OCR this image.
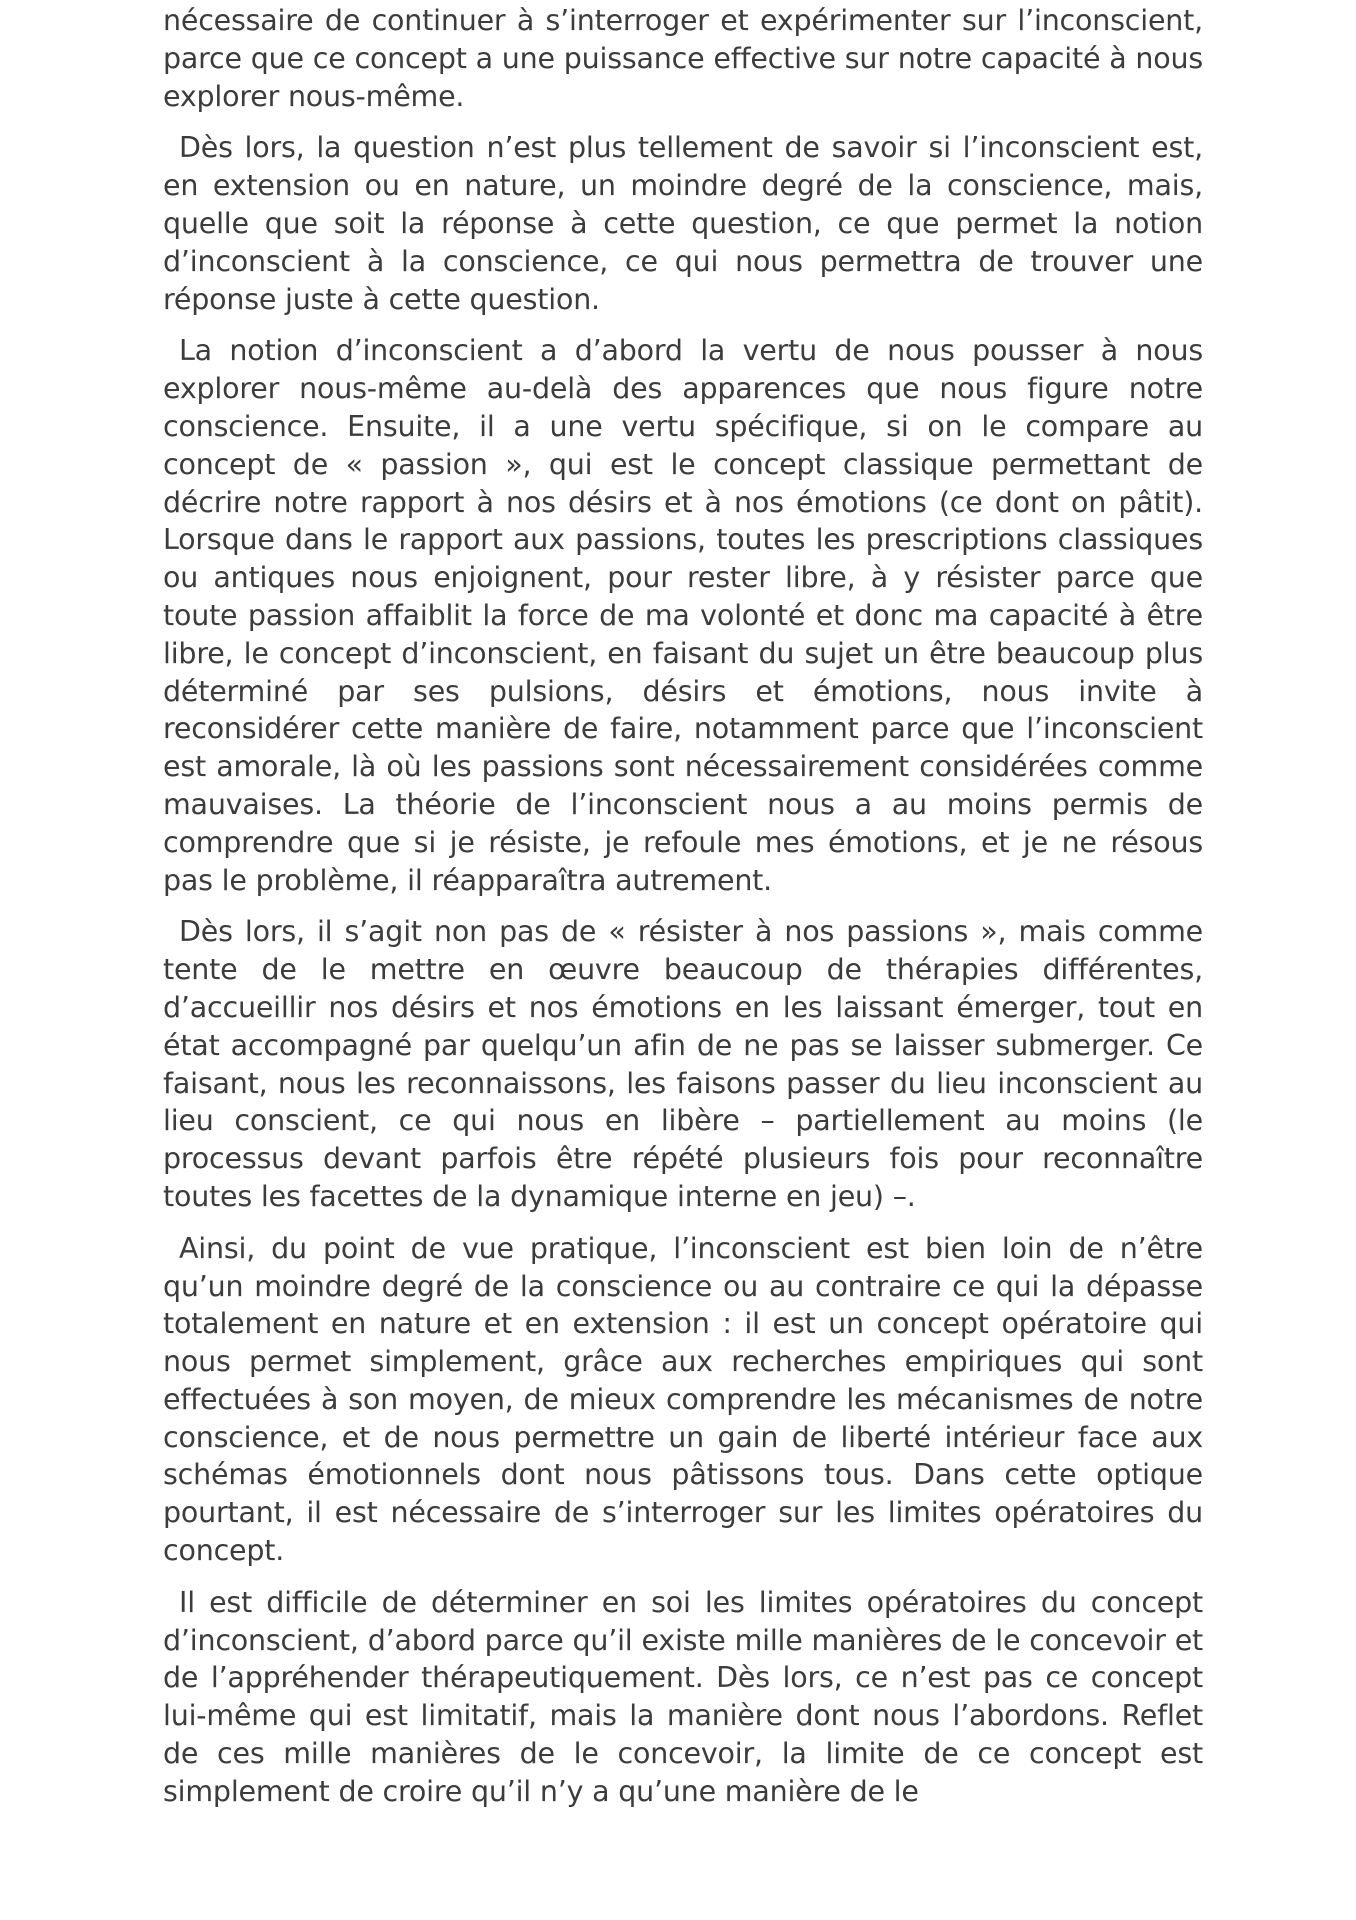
nécessaire de continuer à s’interroger et expérimenter sur l’inconscient, parce que ce concept a une puissance effective sur notre capacité à nous explorer nous-même.

Dès lors, la question n’est plus tellement de savoir si l’inconscient est, en extension ou en nature, un moindre degré de la conscience, mais, quelle que soit la réponse à cette question, ce que permet la notion d’inconscient à la conscience, ce qui nous permettra de trouver une réponse juste à cette question.

La notion d’inconscient a d’abord la vertu de nous pousser à nous explorer nous-même au-delà des apparences que nous figure notre conscience. Ensuite, il a une vertu spécifique, si on le compare au concept de « passion », qui est le concept classique permettant de décrire notre rapport à nos désirs et à nos émotions (ce dont on pâtit). Lorsque dans le rapport aux passions, toutes les prescriptions classiques ou antiques nous enjoignent, pour rester libre, à y résister parce que toute passion affaiblit la force de ma volonté et donc ma capacité à être libre, le concept d’inconscient, en faisant du sujet un être beaucoup plus déterminé par ses pulsions, désirs et émotions, nous invite à reconsidérer cette manière de faire, notamment parce que l’inconscient est amorale, là où les passions sont nécessairement considérées comme mauvaises. La théorie de l’inconscient nous a au moins permis de comprendre que si je résiste, je refoule mes émotions, et je ne résous pas le problème, il réapparaîtra autrement.

Dès lors, il s’agit non pas de « résister à nos passions », mais comme tente de le mettre en œuvre beaucoup de thérapies différentes, d’accueillir nos désirs et nos émotions en les laissant émerger, tout en état accompagné par quelqu’un afin de ne pas se laisser submerger. Ce faisant, nous les reconnaissons, les faisons passer du lieu inconscient au lieu conscient, ce qui nous en libère – partiellement au moins (le processus devant parfois être répété plusieurs fois pour reconnaître toutes les facettes de la dynamique interne en jeu) –.

Ainsi, du point de vue pratique, l’inconscient est bien loin de n’être qu’un moindre degré de la conscience ou au contraire ce qui la dépasse totalement en nature et en extension : il est un concept opératoire qui nous permet simplement, grâce aux recherches empiriques qui sont effectuées à son moyen, de mieux comprendre les mécanismes de notre conscience, et de nous permettre un gain de liberté intérieur face aux schémas émotionnels dont nous pâtissons tous. Dans cette optique pourtant, il est nécessaire de s’interroger sur les limites opératoires du concept.

Il est difficile de déterminer en soi les limites opératoires du concept d’inconscient, d’abord parce qu’il existe mille manières de le concevoir et de l’appréhender thérapeutiquement. Dès lors, ce n’est pas ce concept lui-même qui est limitatif, mais la manière dont nous l’abordons. Reflet de ces mille manières de le concevoir, la limite de ce concept est simplement de croire qu’il n’y a qu’une manière de le
